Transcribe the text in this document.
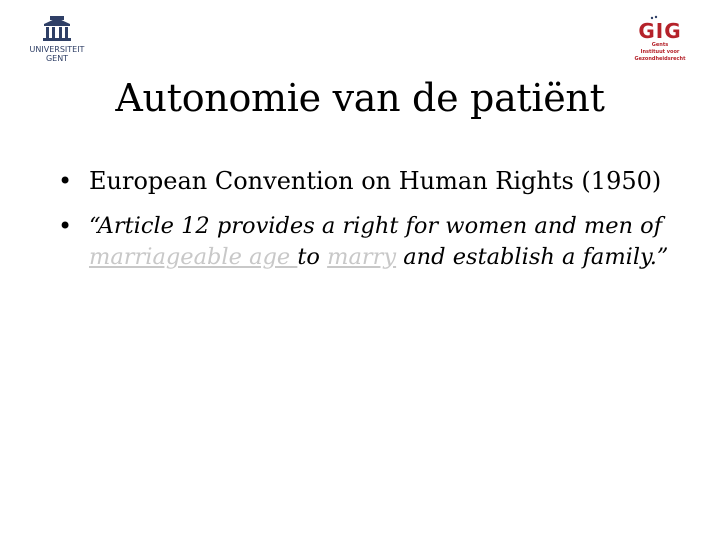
UNIVERSITEIT
GENT
GIG
Gents
Instituut voor
Gezondheidsrecht
Autonomie van de patiënt
• European Convention on Human Rights (1950)
• “Article 12 provides a right for women and men of marriageable age to marry and establish a family.”
